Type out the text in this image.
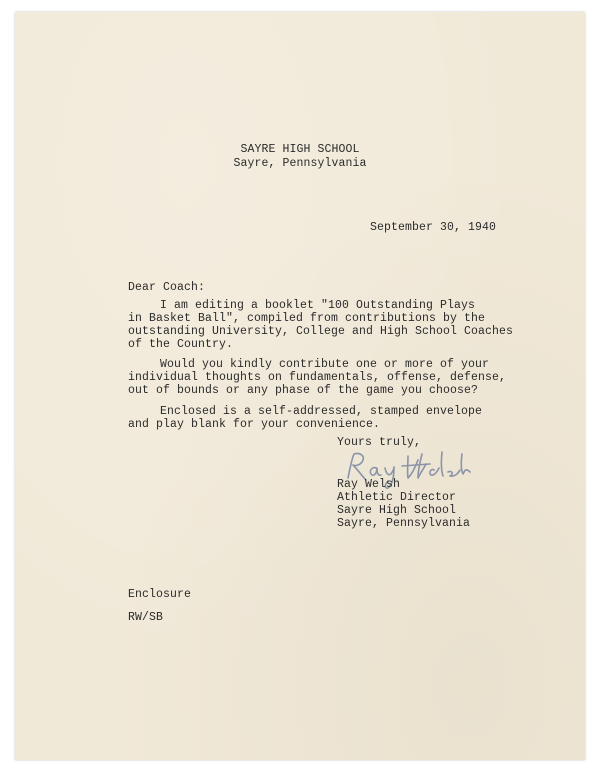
SAYRE HIGH SCHOOL

Sayre, Pennsylvania

September 30, 1940

Dear Coach:

I am editing a booklet "100 Outstanding Plays

in Basket Ball", compiled from contributions by the

outstanding University, College and High School Coaches

of the Country.

Would you kindly contribute one or more of your

individual thoughts on fundamentals, offense, defense,

out of bounds or any phase of the game you choose?

Enclosed is a self-addressed, stamped envelope

and play blank for your convenience.

Yours truly,

Ray Welsh

Athletic Director

Sayre High School

Sayre, Pennsylvania

Enclosure

RW/SB
